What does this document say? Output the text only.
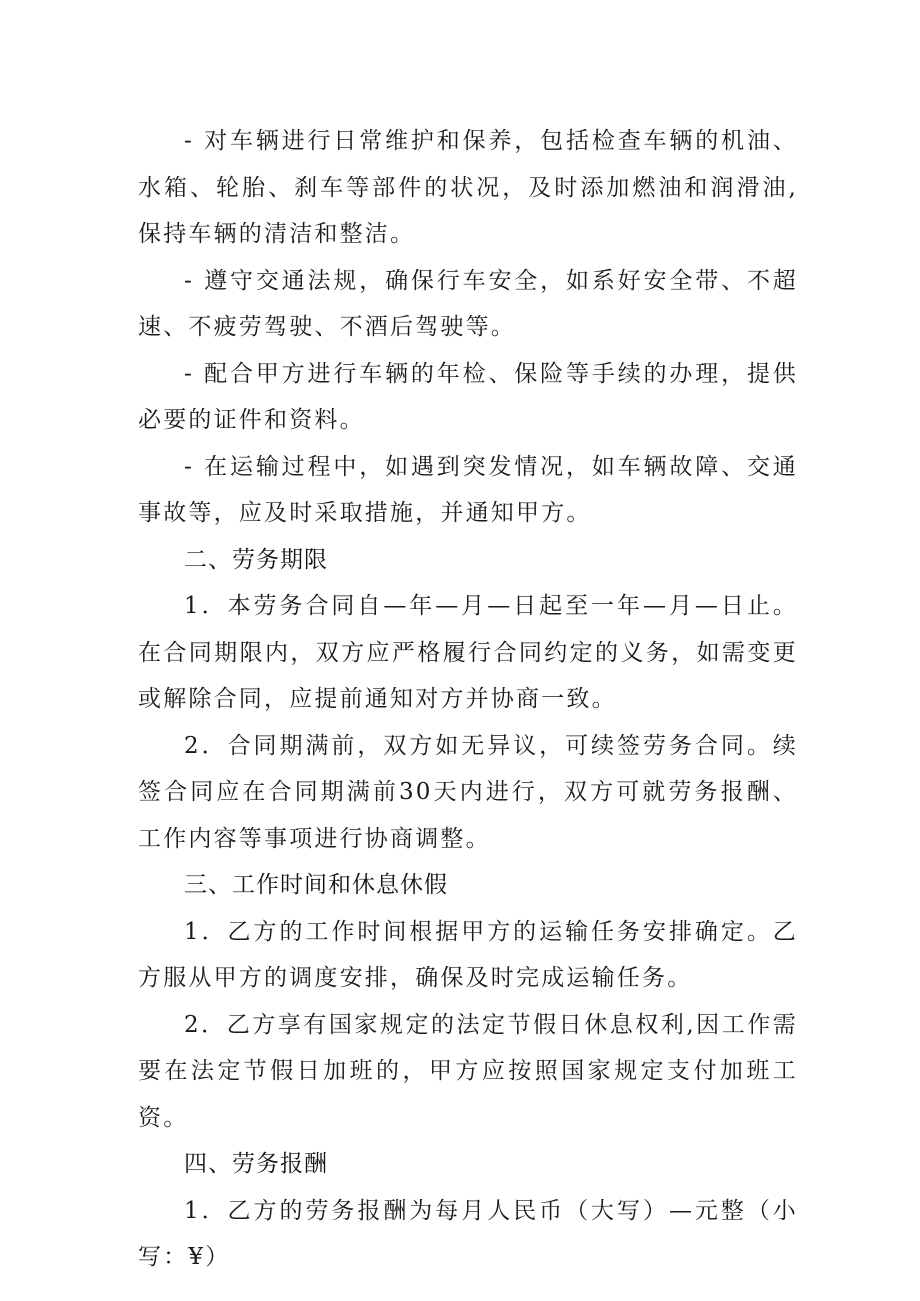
- 对车辆进行日常维护和保养，包括检查车辆的机油、水箱、轮胎、刹车等部件的状况，及时添加燃油和润滑油,保持车辆的清洁和整洁。

- 遵守交通法规，确保行车安全，如系好安全带、不超速、不疲劳驾驶、不酒后驾驶等。

- 配合甲方进行车辆的年检、保险等手续的办理，提供必要的证件和资料。

- 在运输过程中，如遇到突发情况，如车辆故障、交通事故等，应及时采取措施，并通知甲方。

二、劳务期限

1．本劳务合同自—年—月—日起至一年—月—日止。在合同期限内，双方应严格履行合同约定的义务，如需变更或解除合同，应提前通知对方并协商一致。

2．合同期满前，双方如无异议，可续签劳务合同。续签合同应在合同期满前30天内进行，双方可就劳务报酬、工作内容等事项进行协商调整。

三、工作时间和休息休假

1．乙方的工作时间根据甲方的运输任务安排确定。乙方服从甲方的调度安排，确保及时完成运输任务。

2．乙方享有国家规定的法定节假日休息权利,因工作需要在法定节假日加班的，甲方应按照国家规定支付加班工资。

四、劳务报酬

1．乙方的劳务报酬为每月人民币（大写）—元整（小写：¥）
